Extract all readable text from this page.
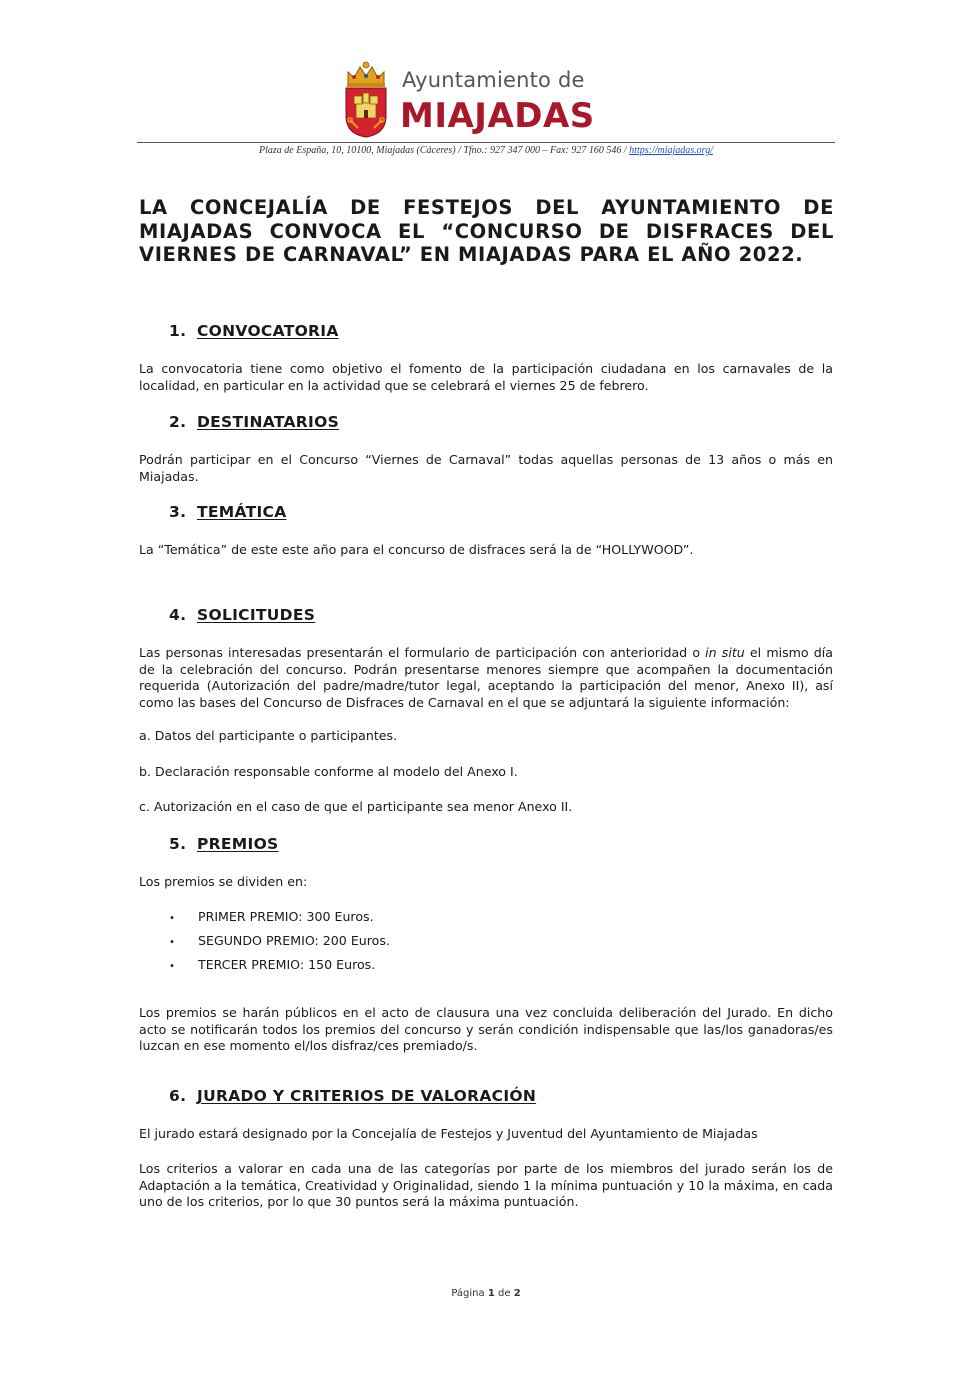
Ayuntamiento de
MIAJADAS
Plaza de España, 10, 10100, Miajadas (Cáceres) / Tfno.: 927 347 000 – Fax: 927 160 546 / https://miajadas.org/
LA CONCEJALÍA DE FESTEJOS DEL AYUNTAMIENTO DE MIAJADAS CONVOCA EL “CONCURSO DE DISFRACES DEL VIERNES DE CARNAVAL” EN MIAJADAS PARA EL AÑO 2022.
1. CONVOCATORIA
La convocatoria tiene como objetivo el fomento de la participación ciudadana en los carnavales de la localidad, en particular en la actividad que se celebrará el viernes 25 de febrero.
2. DESTINATARIOS
Podrán participar en el Concurso “Viernes de Carnaval” todas aquellas personas de 13 años o más en Miajadas.
3. TEMÁTICA
La “Temática” de este este año para el concurso de disfraces será la de “HOLLYWOOD”.
4. SOLICITUDES
Las personas interesadas presentarán el formulario de participación con anterioridad o in situ el mismo día de la celebración del concurso. Podrán presentarse menores siempre que acompañen la documentación requerida (Autorización del padre/madre/tutor legal, aceptando la participación del menor, Anexo II), así como las bases del Concurso de Disfraces de Carnaval en el que se adjuntará la siguiente información:
a. Datos del participante o participantes.
b. Declaración responsable conforme al modelo del Anexo I.
c. Autorización en el caso de que el participante sea menor Anexo II.
5. PREMIOS
Los premios se dividen en:
• PRIMER PREMIO: 300 Euros.
• SEGUNDO PREMIO: 200 Euros.
• TERCER PREMIO: 150 Euros.
Los premios se harán públicos en el acto de clausura una vez concluida deliberación del Jurado. En dicho acto se notificarán todos los premios del concurso y serán condición indispensable que las/los ganadoras/es luzcan en ese momento el/los disfraz/ces premiado/s.
6. JURADO Y CRITERIOS DE VALORACIÓN
El jurado estará designado por la Concejalía de Festejos y Juventud del Ayuntamiento de Miajadas
Los criterios a valorar en cada una de las categorías por parte de los miembros del jurado serán los de Adaptación a la temática, Creatividad y Originalidad, siendo 1 la mínima puntuación y 10 la máxima, en cada uno de los criterios, por lo que 30 puntos será la máxima puntuación.
Página 1 de 2
